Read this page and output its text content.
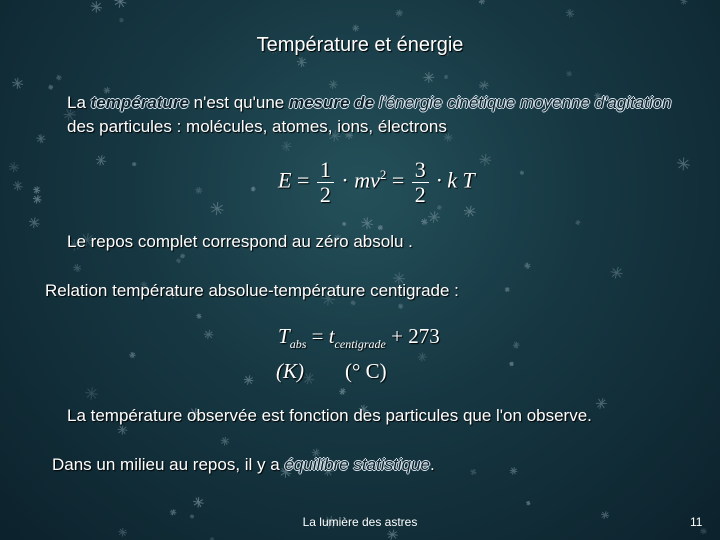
Température et énergie
La température n'est qu'une mesure de l'énergie cinétique moyenne d'agitation
des particules : molécules, atomes, ions, électrons
$E = \frac{1}{2} \cdot mv^2 = \frac{3}{2} \cdot k$ T
Le repos complet correspond au zéro absolu .
Relation température absolue-température centigrade :
$T_{abs} = t_{centigrade} + 273$
(K) (° C)
La température observée est fonction des particules que l'on observe.
Dans un milieu au repos, il y a équilibre statistique.
La lumière des astres	11
